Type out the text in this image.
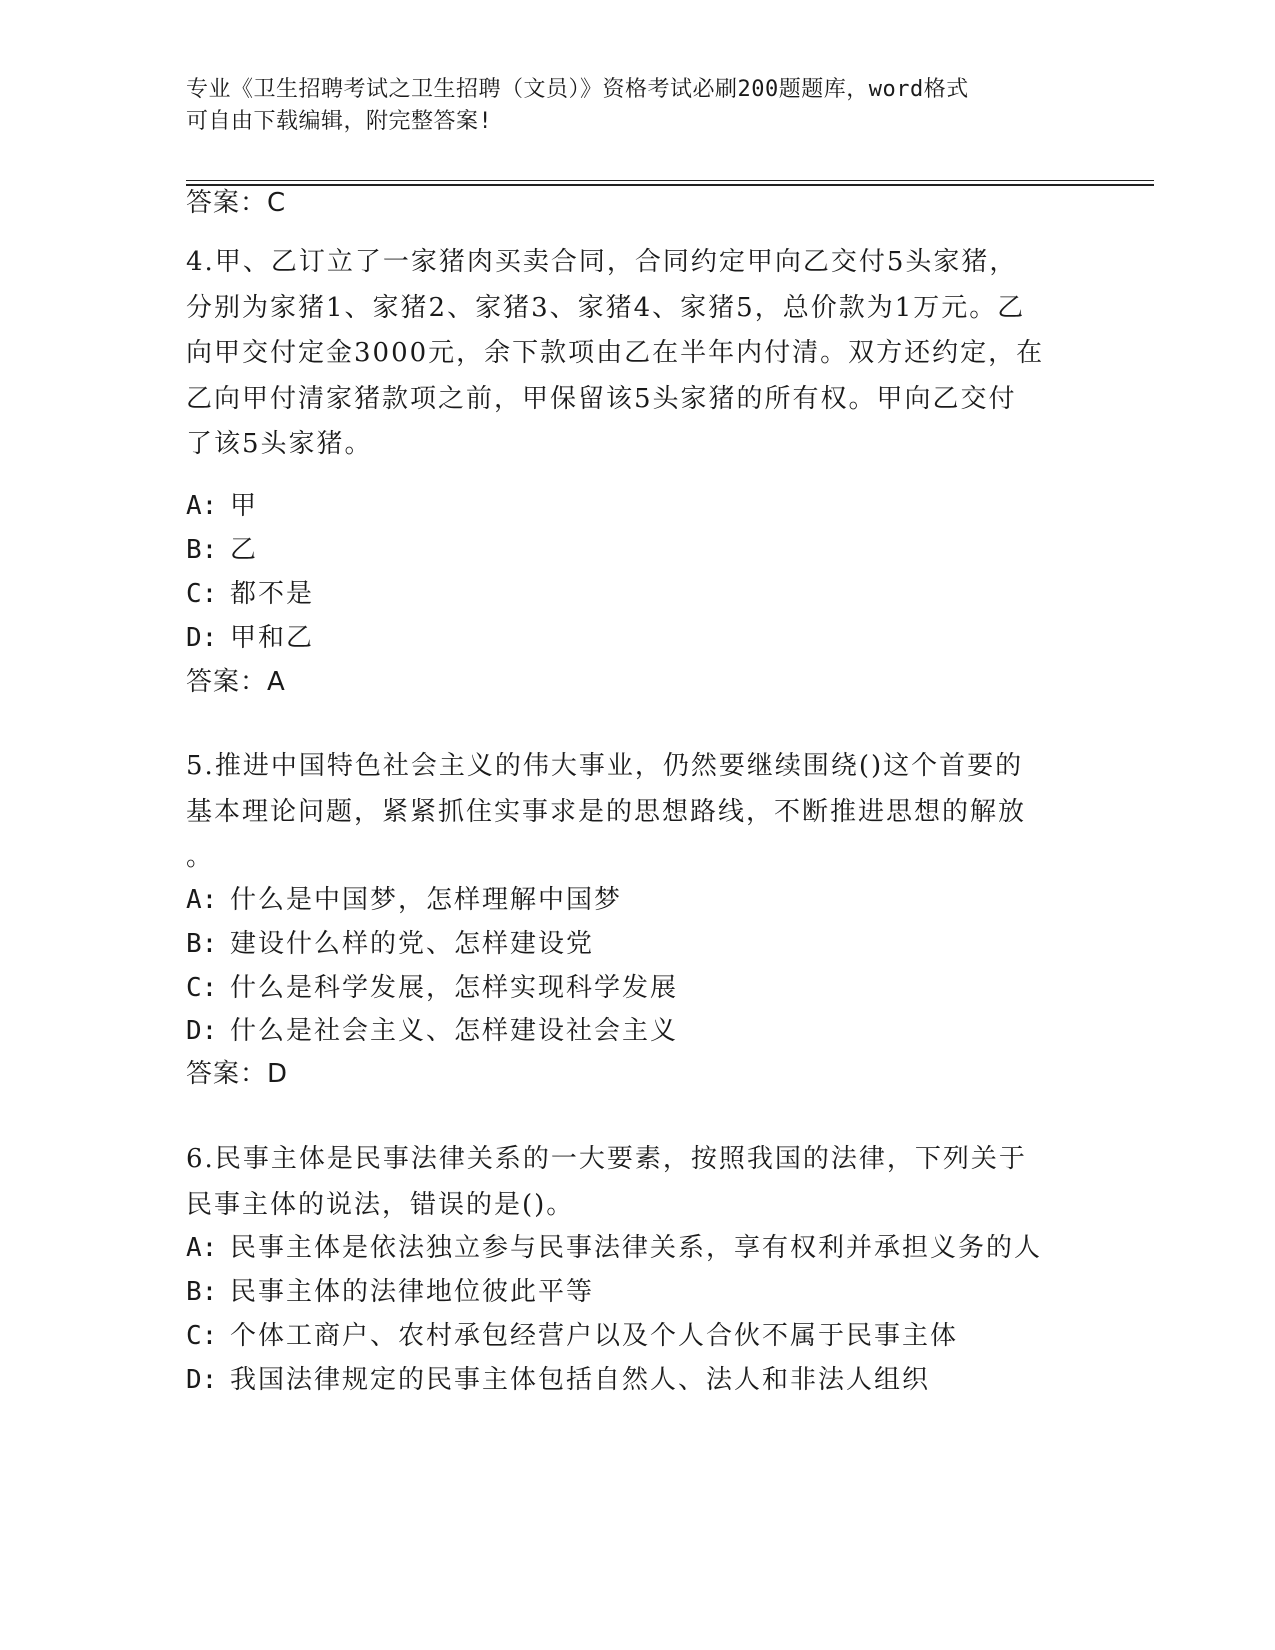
专业《卫生招聘考试之卫生招聘（文员）》资格考试必刷200题题库，word格式
可自由下载编辑，附完整答案!
答案：C
4.甲、乙订立了一家猪肉买卖合同，合同约定甲向乙交付5头家猪，
分别为家猪1、家猪2、家猪3、家猪4、家猪5，总价款为1万元。乙
向甲交付定金3000元，余下款项由乙在半年内付清。双方还约定，在
乙向甲付清家猪款项之前，甲保留该5头家猪的所有权。甲向乙交付
了该5头家猪。
A: 甲
B: 乙
C: 都不是
D: 甲和乙
答案：A
5.推进中国特色社会主义的伟大事业，仍然要继续围绕()这个首要的
基本理论问题，紧紧抓住实事求是的思想路线，不断推进思想的解放
。
A: 什么是中国梦，怎样理解中国梦
B: 建设什么样的党、怎样建设党
C: 什么是科学发展，怎样实现科学发展
D: 什么是社会主义、怎样建设社会主义
答案：D
6.民事主体是民事法律关系的一大要素，按照我国的法律，下列关于
民事主体的说法，错误的是()。
A: 民事主体是依法独立参与民事法律关系，享有权利并承担义务的人
B: 民事主体的法律地位彼此平等
C: 个体工商户、农村承包经营户以及个人合伙不属于民事主体
D: 我国法律规定的民事主体包括自然人、法人和非法人组织
